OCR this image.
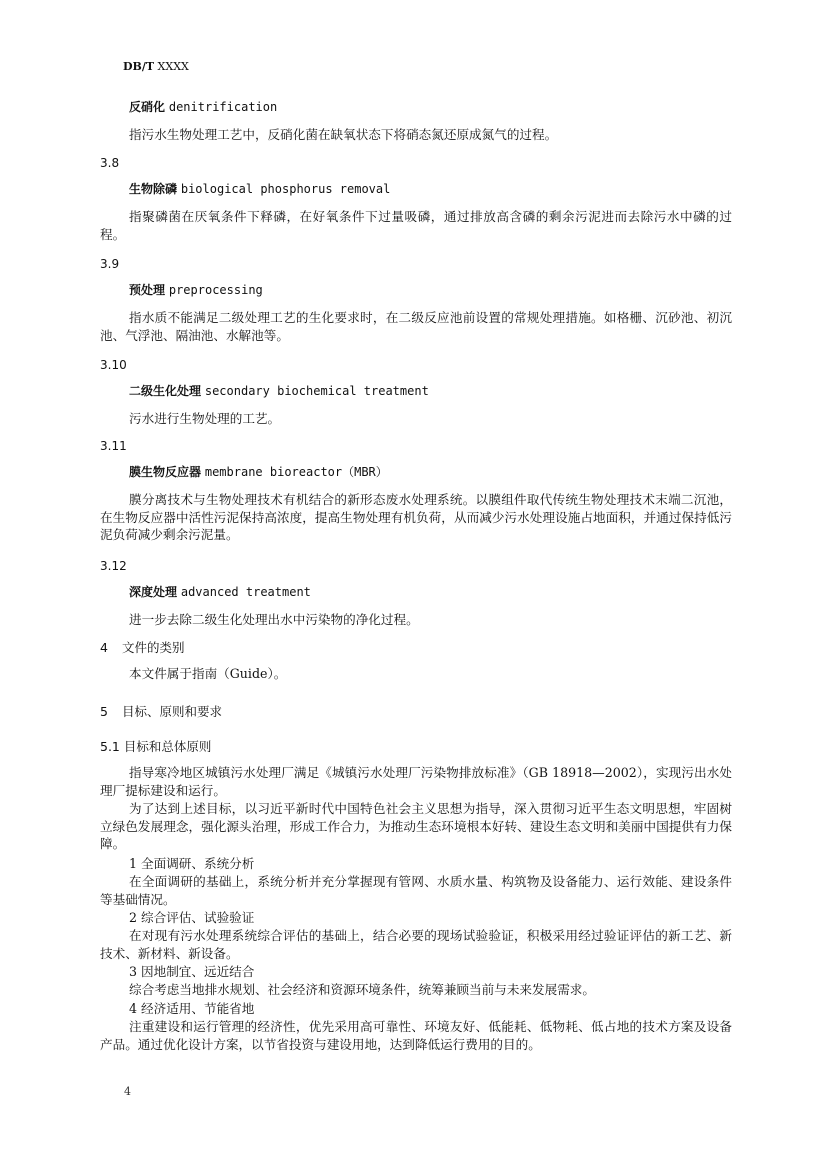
DB/T XXXX
反硝化 denitrification
指污水生物处理工艺中，反硝化菌在缺氧状态下将硝态氮还原成氮气的过程。
3.8
生物除磷 biological phosphorus removal
指聚磷菌在厌氧条件下释磷，在好氧条件下过量吸磷，通过排放高含磷的剩余污泥进而去除污水中磷的过程。
3.9
预处理 preprocessing
指水质不能满足二级处理工艺的生化要求时，在二级反应池前设置的常规处理措施。如格栅、沉砂池、初沉池、气浮池、隔油池、水解池等。
3.10
二级生化处理 secondary biochemical treatment
污水进行生物处理的工艺。
3.11
膜生物反应器 membrane bioreactor（MBR）
膜分离技术与生物处理技术有机结合的新形态废水处理系统。以膜组件取代传统生物处理技术末端二沉池，在生物反应器中活性污泥保持高浓度，提高生物处理有机负荷，从而减少污水处理设施占地面积，并通过保持低污泥负荷减少剩余污泥量。
3.12
深度处理 advanced treatment
进一步去除二级生化处理出水中污染物的净化过程。
4 文件的类别
本文件属于指南（Guide）。
5 目标、原则和要求
5.1 目标和总体原则
指导寒冷地区城镇污水处理厂满足《城镇污水处理厂污染物排放标准》（GB 18918—2002），实现污出水处理厂提标建设和运行。
为了达到上述目标，以习近平新时代中国特色社会主义思想为指导，深入贯彻习近平生态文明思想，牢固树立绿色发展理念，强化源头治理，形成工作合力，为推动生态环境根本好转、建设生态文明和美丽中国提供有力保障。
1 全面调研、系统分析
在全面调研的基础上，系统分析并充分掌握现有管网、水质水量、构筑物及设备能力、运行效能、建设条件等基础情况。
2 综合评估、试验验证
在对现有污水处理系统综合评估的基础上，结合必要的现场试验验证，积极采用经过验证评估的新工艺、新技术、新材料、新设备。
3 因地制宜、远近结合
综合考虑当地排水规划、社会经济和资源环境条件，统筹兼顾当前与未来发展需求。
4 经济适用、节能省地
注重建设和运行管理的经济性，优先采用高可靠性、环境友好、低能耗、低物耗、低占地的技术方案及设备产品。通过优化设计方案，以节省投资与建设用地，达到降低运行费用的目的。
4
